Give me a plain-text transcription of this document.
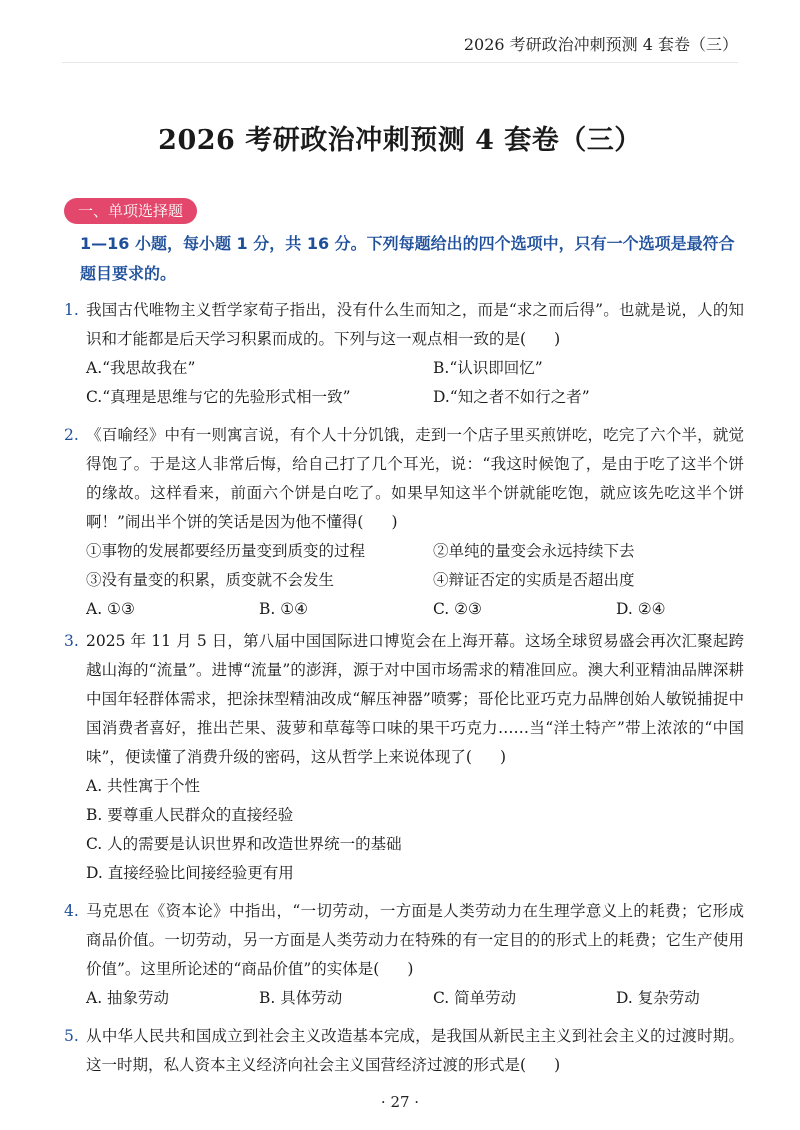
2026 考研政治冲刺预测 4 套卷（三）
2026 考研政治冲刺预测 4 套卷（三）
一、单项选择题
1—16 小题，每小题 1 分，共 16 分。下列每题给出的四个选项中，只有一个选项是最符合题目要求的。
1. 我国古代唯物主义哲学家荀子指出，没有什么生而知之，而是“求之而后得”。也就是说，人的知识和才能都是后天学习积累而成的。下列与这一观点相一致的是( )
A.“我思故我在”	B.“认识即回忆”
C.“真理是思维与它的先验形式相一致”	D.“知之者不如行之者”
2. 《百喻经》中有一则寓言说，有个人十分饥饿，走到一个店子里买煎饼吃，吃完了六个半，就觉得饱了。于是这人非常后悔，给自己打了几个耳光，说：“我这时候饱了，是由于吃了这半个饼的缘故。这样看来，前面六个饼是白吃了。如果早知这半个饼就能吃饱，就应该先吃这半个饼啊！”闹出半个饼的笑话是因为他不懂得( )
①事物的发展都要经历量变到质变的过程	②单纯的量变会永远持续下去
③没有量变的积累，质变就不会发生	④辩证否定的实质是否超出度
A. ①③	B. ①④	C. ②③	D. ②④
3. 2025 年 11 月 5 日，第八届中国国际进口博览会在上海开幕。这场全球贸易盛会再次汇聚起跨越山海的“流量”。进博“流量”的澎湃，源于对中国市场需求的精准回应。澳大利亚精油品牌深耕中国年轻群体需求，把涂抹型精油改成“解压神器”喷雾；哥伦比亚巧克力品牌创始人敏锐捕捉中国消费者喜好，推出芒果、菠萝和草莓等口味的果干巧克力……当“洋土特产”带上浓浓的“中国味”，便读懂了消费升级的密码，这从哲学上来说体现了( )
A. 共性寓于个性
B. 要尊重人民群众的直接经验
C. 人的需要是认识世界和改造世界统一的基础
D. 直接经验比间接经验更有用
4. 马克思在《资本论》中指出，“一切劳动，一方面是人类劳动力在生理学意义上的耗费；它形成商品价值。一切劳动，另一方面是人类劳动力在特殊的有一定目的的形式上的耗费；它生产使用价值”。这里所论述的“商品价值”的实体是( )
A. 抽象劳动	B. 具体劳动	C. 简单劳动	D. 复杂劳动
5. 从中华人民共和国成立到社会主义改造基本完成，是我国从新民主主义到社会主义的过渡时期。这一时期，私人资本主义经济向社会主义国营经济过渡的形式是( )
· 27 ·
